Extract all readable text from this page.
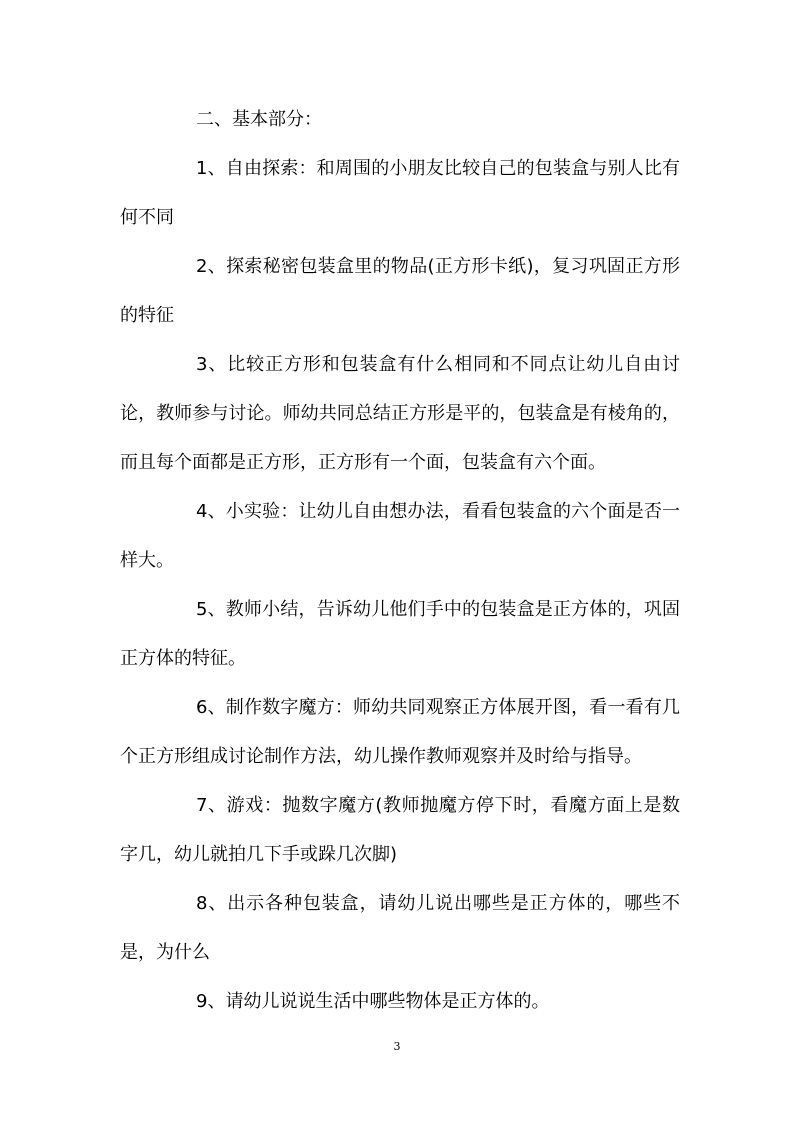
二、基本部分：

1、自由探索：和周围的小朋友比较自己的包装盒与别人比有何不同

2、探索秘密包装盒里的物品(正方形卡纸)，复习巩固正方形的特征

3、比较正方形和包装盒有什么相同和不同点让幼儿自由讨论，教师参与讨论。师幼共同总结正方形是平的，包装盒是有棱角的，而且每个面都是正方形，正方形有一个面，包装盒有六个面。

4、小实验：让幼儿自由想办法，看看包装盒的六个面是否一样大。

5、教师小结，告诉幼儿他们手中的包装盒是正方体的，巩固正方体的特征。

6、制作数字魔方：师幼共同观察正方体展开图，看一看有几个正方形组成讨论制作方法，幼儿操作教师观察并及时给与指导。

7、游戏：抛数字魔方(教师抛魔方停下时，看魔方面上是数字几，幼儿就拍几下手或跺几次脚)

8、出示各种包装盒，请幼儿说出哪些是正方体的，哪些不是，为什么

9、请幼儿说说生活中哪些物体是正方体的。

3
